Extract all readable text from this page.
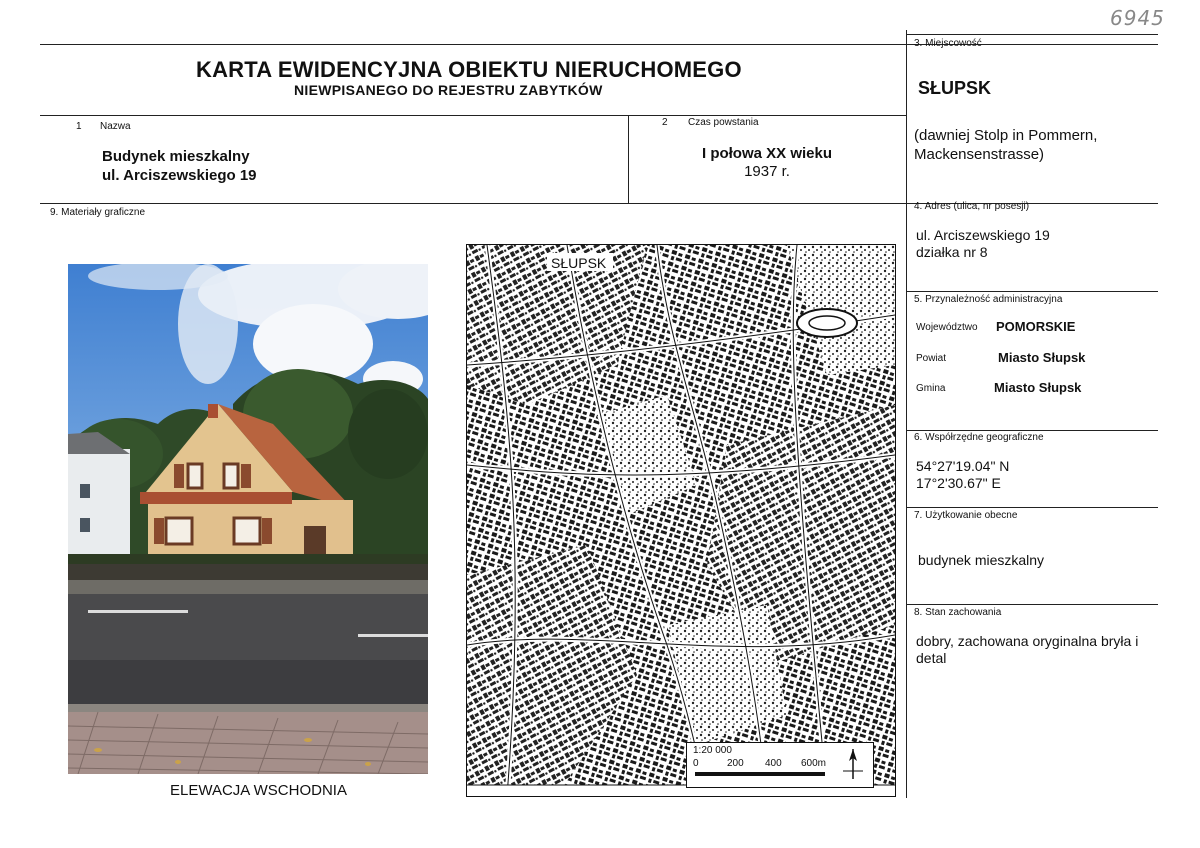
6945
KARTA EWIDENCYJNA OBIEKTU NIERUCHOMEGO
NIEWPISANEGO DO REJESTRU ZABYTKÓW
1 Nazwa
Budynek mieszkalny
ul. Arciszewskiego 19
2 Czas powstania
I połowa XX wieku
1937 r.
3. Miejscowość
SŁUPSK
(dawniej Stolp in Pommern,
Mackensenstrasse)
4. Adres (ulica, nr posesji)
ul. Arciszewskiego 19
działka nr 8
5. Przynależność administracyjna
Województwo POMORSKIE
Powiat	Miasto Słupsk
Gmina	Miasto Słupsk
6. Współrzędne geograficzne
54°27'19.04" N
17°2'30.67" E
7. Użytkowanie obecne
budynek mieszkalny
8. Stan zachowania
dobry, zachowana oryginalna bryła i
detal
9. Materiały graficzne
ELEWACJA WSCHODNIA
SŁUPSK
1:20 000
0	200 400 600m
